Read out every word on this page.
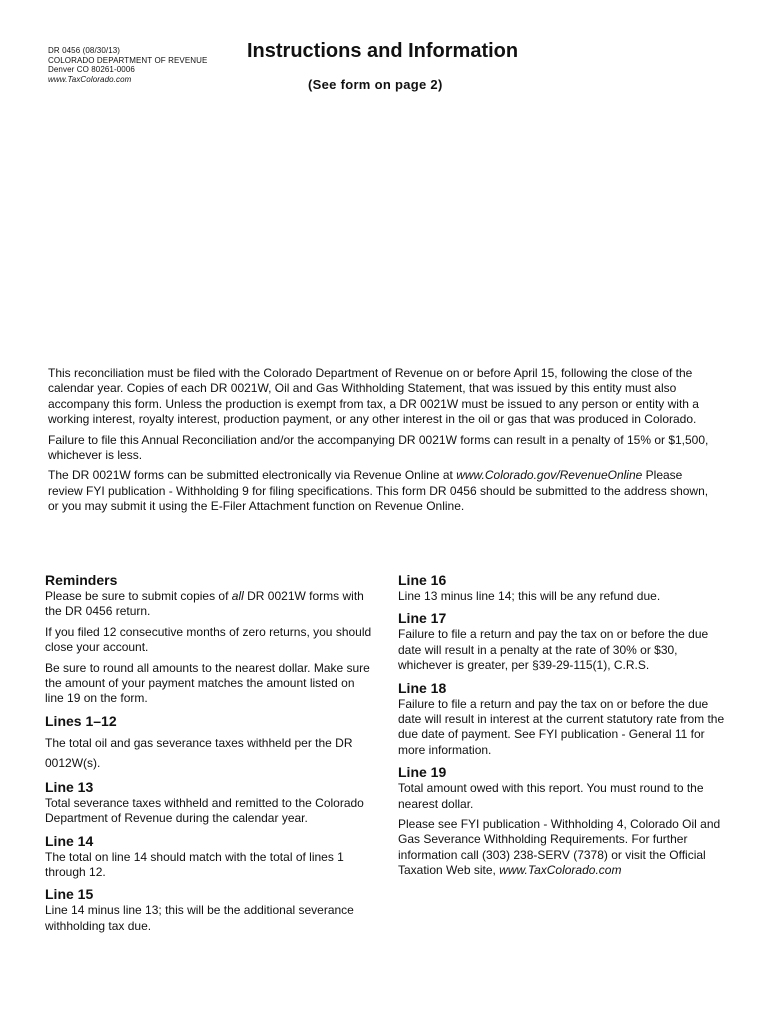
DR 0456 (08/30/13)
COLORADO DEPARTMENT OF REVENUE
Denver CO 80261-0006
www.TaxColorado.com
Instructions and Information
(See form on page 2)

This reconciliation must be filed with the Colorado Department of Revenue on or before April 15, following the close of the calendar year. Copies of each DR 0021W, Oil and Gas Withholding Statement, that was issued by this entity must also accompany this form. Unless the production is exempt from tax, a DR 0021W must be issued to any person or entity with a working interest, royalty interest, production payment, or any other interest in the oil or gas that was produced in Colorado.

Failure to file this Annual Reconciliation and/or the accompanying DR 0021W forms can result in a penalty of 15% or $1,500, whichever is less.

The DR 0021W forms can be submitted electronically via Revenue Online at www.Colorado.gov/RevenueOnline Please review FYI publication - Withholding 9 for filing specifications. This form DR 0456 should be submitted to the address shown, or you may submit it using the E-Filer Attachment function on Revenue Online.

Reminders

Please be sure to submit copies of all DR 0021W forms with the DR 0456 return.

If you filed 12 consecutive months of zero returns, you should close your account.

Be sure to round all amounts to the nearest dollar. Make sure the amount of your payment matches the amount listed on line 19 on the form.

Lines 1–12

The total oil and gas severance taxes withheld per the DR 0012W(s).

Line 13

Total severance taxes withheld and remitted to the Colorado Department of Revenue during the calendar year.

Line 14

The total on line 14 should match with the total of lines 1 through 12.

Line 15

Line 14 minus line 13; this will be the additional severance withholding tax due.

Line 16

Line 13 minus line 14; this will be any refund due.

Line 17

Failure to file a return and pay the tax on or before the due date will result in a penalty at the rate of 30% or $30, whichever is greater, per §39-29-115(1), C.R.S.

Line 18

Failure to file a return and pay the tax on or before the due date will result in interest at the current statutory rate from the due date of payment. See FYI publication - General 11 for more information.

Line 19

Total amount owed with this report. You must round to the nearest dollar.

Please see FYI publication - Withholding 4, Colorado Oil and Gas Severance Withholding Requirements. For further information call (303) 238-SERV (7378) or visit the Official Taxation Web site, www.TaxColorado.com
